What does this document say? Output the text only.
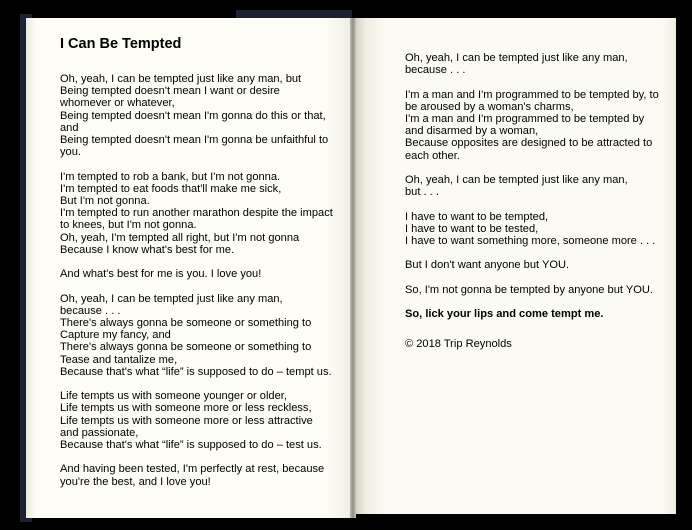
I Can Be Tempted
Oh, yeah, I can be tempted just like any man, but
Being tempted doesn't mean I want or desire
whomever or whatever,
Being tempted doesn't mean I'm gonna do this or that,
and
Being tempted doesn't mean I'm gonna be unfaithful to
you.
I'm tempted to rob a bank, but I'm not gonna.
I'm tempted to eat foods that'll make me sick,
But I'm not gonna.
I'm tempted to run another marathon despite the impact
to knees, but I'm not gonna.
Oh, yeah, I'm tempted all right, but I'm not gonna
Because I know what's best for me.
And what's best for me is you. I love you!
Oh, yeah, I can be tempted just like any man,
because . . .
There's always gonna be someone or something to
Capture my fancy, and
There's always gonna be someone or something to
Tease and tantalize me,
Because that's what “life” is supposed to do – tempt us.
Life tempts us with someone younger or older,
Life tempts us with someone more or less reckless,
Life tempts us with someone more or less attractive
and passionate,
Because that's what “life” is supposed to do – test us.
And having been tested, I'm perfectly at rest, because
you're the best, and I love you!
Oh, yeah, I can be tempted just like any man,
because . . .
I'm a man and I'm programmed to be tempted by, to
be aroused by a woman's charms,
I'm a man and I'm programmed to be tempted by
and disarmed by a woman,
Because opposites are designed to be attracted to
each other.
Oh, yeah, I can be tempted just like any man,
but . . .
I have to want to be tempted,
I have to want to be tested,
I have to want something more, someone more . . .
But I don't want anyone but YOU.
So, I'm not gonna be tempted by anyone but YOU.
So, lick your lips and come tempt me.
© 2018 Trip Reynolds
